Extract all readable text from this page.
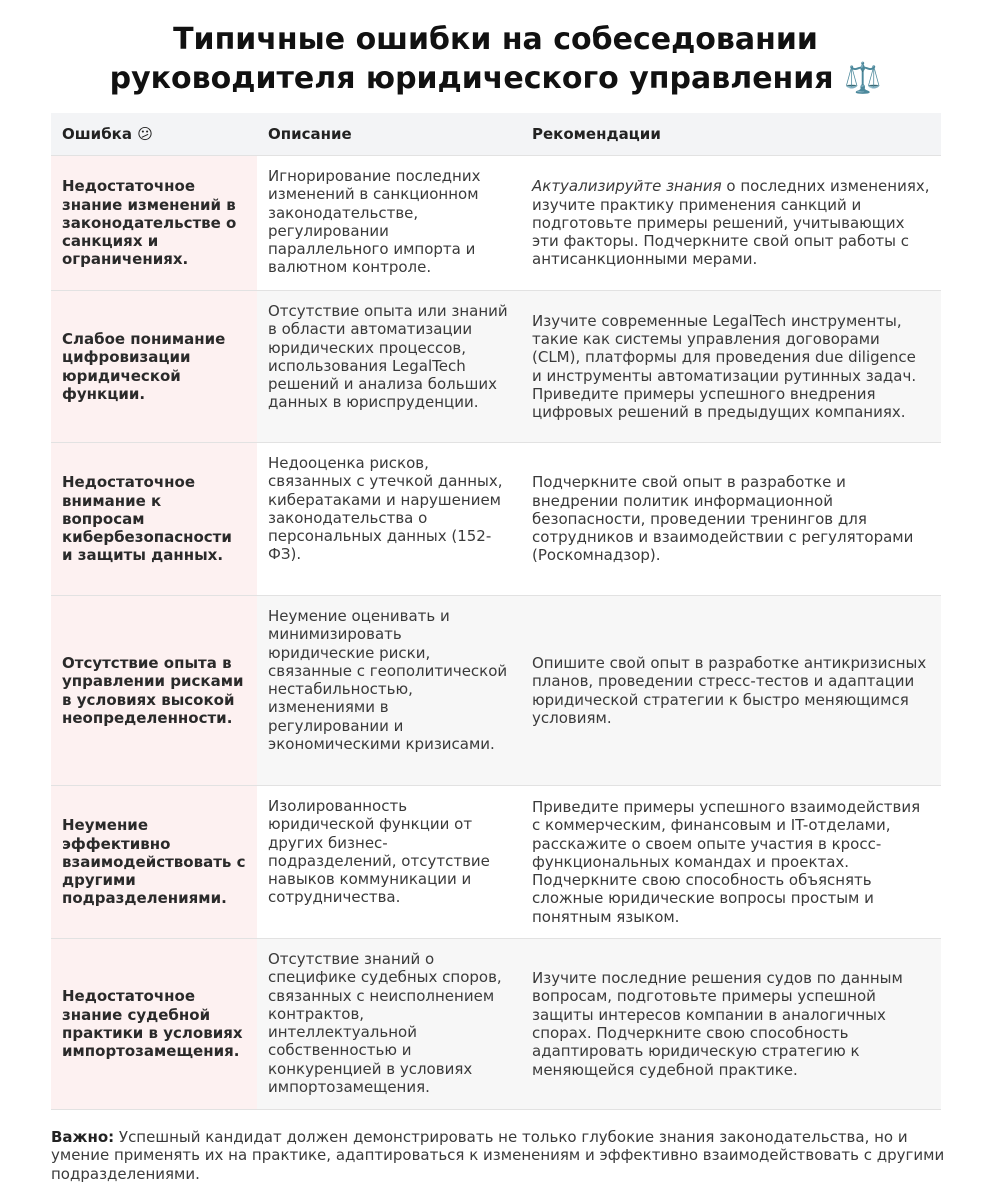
Типичные ошибки на собеседовании
руководителя юридического управления ⚖️
Ошибка 😕	Описание	Рекомендации
Недостаточное знание изменений в законодательстве о санкциях и ограничениях.	Игнорирование последних изменений в санкционном законодательстве, регулировании параллельного импорта и валютном контроле.	Актуализируйте знания о последних изменениях, изучите практику применения санкций и подготовьте примеры решений, учитывающих эти факторы. Подчеркните свой опыт работы с антисанкционными мерами.
Слабое понимание цифровизации юридической функции.	Отсутствие опыта или знаний в области автоматизации юридических процессов, использования LegalTech решений и анализа больших данных в юриспруденции.	Изучите современные LegalTech инструменты, такие как системы управления договорами (CLM), платформы для проведения due diligence и инструменты автоматизации рутинных задач. Приведите примеры успешного внедрения цифровых решений в предыдущих компаниях.
Недостаточное внимание к вопросам кибербезопасности и защиты данных.	Недооценка рисков, связанных с утечкой данных, кибератаками и нарушением законодательства о персональных данных (152-ФЗ).	Подчеркните свой опыт в разработке и внедрении политик информационной безопасности, проведении тренингов для сотрудников и взаимодействии с регуляторами (Роскомнадзор).
Отсутствие опыта в управлении рисками в условиях высокой неопределенности.	Неумение оценивать и минимизировать юридические риски, связанные с геополитической нестабильностью, изменениями в регулировании и экономическими кризисами.	Опишите свой опыт в разработке антикризисных планов, проведении стресс-тестов и адаптации юридической стратегии к быстро меняющимся условиям.
Неумение эффективно взаимодействовать с другими подразделениями.	Изолированность юридической функции от других бизнес-подразделений, отсутствие навыков коммуникации и сотрудничества.	Приведите примеры успешного взаимодействия с коммерческим, финансовым и IT-отделами, расскажите о своем опыте участия в кросс-функциональных командах и проектах. Подчеркните свою способность объяснять сложные юридические вопросы простым и понятным языком.
Недостаточное знание судебной практики в условиях импортозамещения.	Отсутствие знаний о специфике судебных споров, связанных с неисполнением контрактов, интеллектуальной собственностью и конкуренцией в условиях импортозамещения.	Изучите последние решения судов по данным вопросам, подготовьте примеры успешной защиты интересов компании в аналогичных спорах. Подчеркните свою способность адаптировать юридическую стратегию к меняющейся судебной практике.
Важно: Успешный кандидат должен демонстрировать не только глубокие знания законодательства, но и умение применять их на практике, адаптироваться к изменениям и эффективно взаимодействовать с другими подразделениями.
